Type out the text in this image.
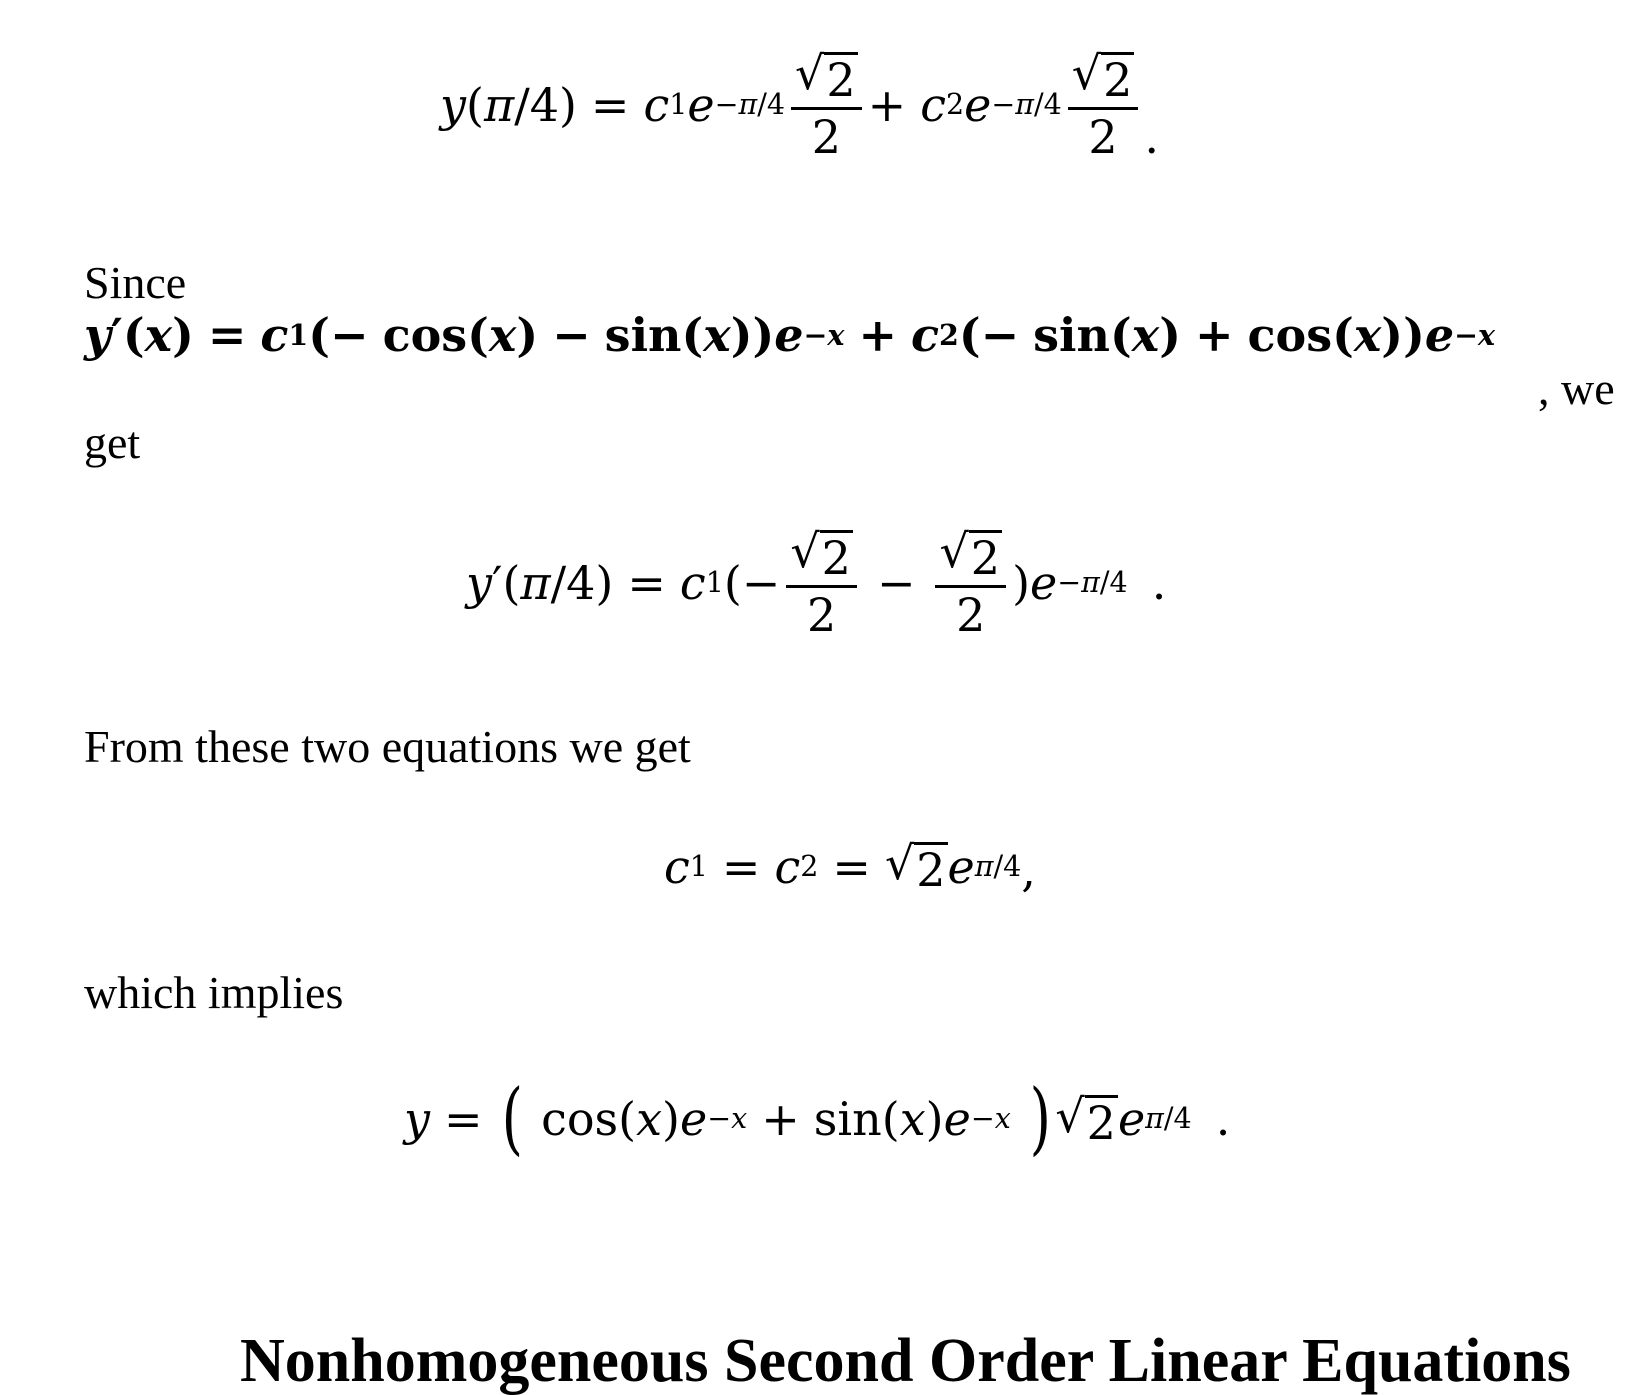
y ( π / 4 ) = c 1 $e -\pi/4 \frac{√ 2}{2} + c$ 2 $e -\pi/4 \frac{√ 2}{2}$ .
Since
y ′ ( x ) = c 1 ( − cos ( x ) − sin ( x ) ) e −x + c 2 ( − sin ( x ) + cos ( x ) ) e −x
, we
get
y ′ ( π / 4 ) = c 1 ( − $\frac{√ 2}{2} - \frac{√ 2}{2}$ ) e −π/4 .
From these two equations we get
c 1 = c 2 = √ 2 e π/4 ,
which implies
y = ( cos ( x ) e −x + sin ( x ) e −x ) √ 2 e π/4 .
Nonhomogeneous Second Order Linear Equations
